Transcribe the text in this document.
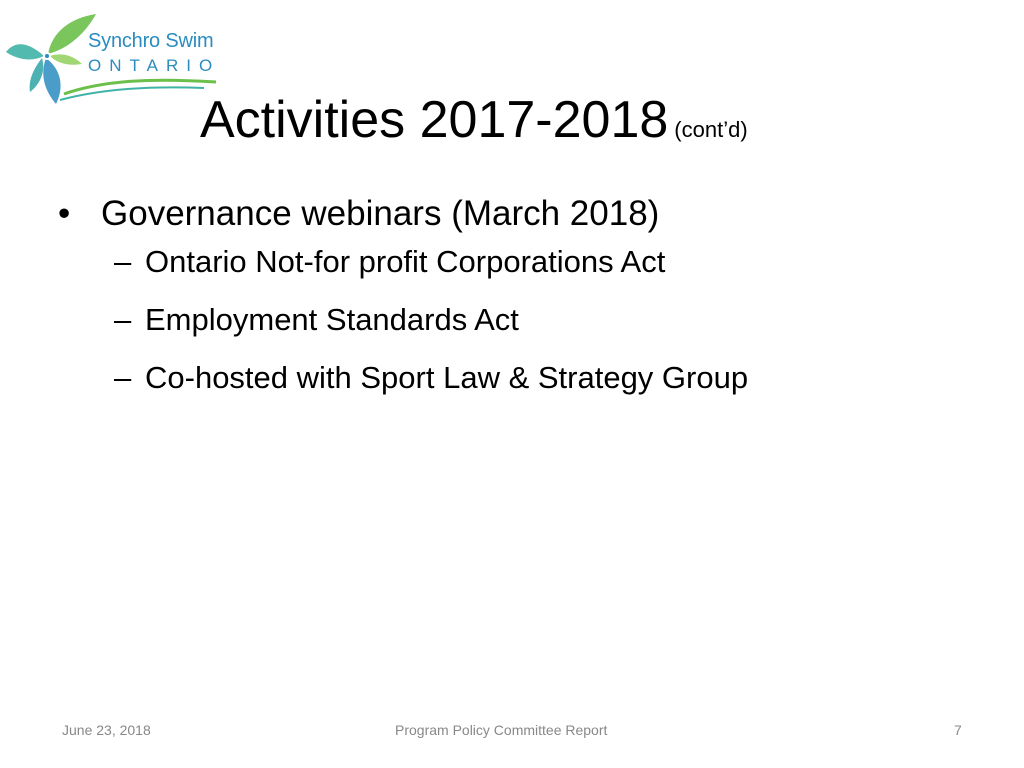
Synchro Swim
ONTARIO
Activities 2017-2018 (cont’d)
• Governance webinars (March 2018)
– Ontario Not-for profit Corporations Act
– Employment Standards Act
– Co-hosted with Sport Law & Strategy Group
June 23, 2018	Program Policy Committee Report	7
